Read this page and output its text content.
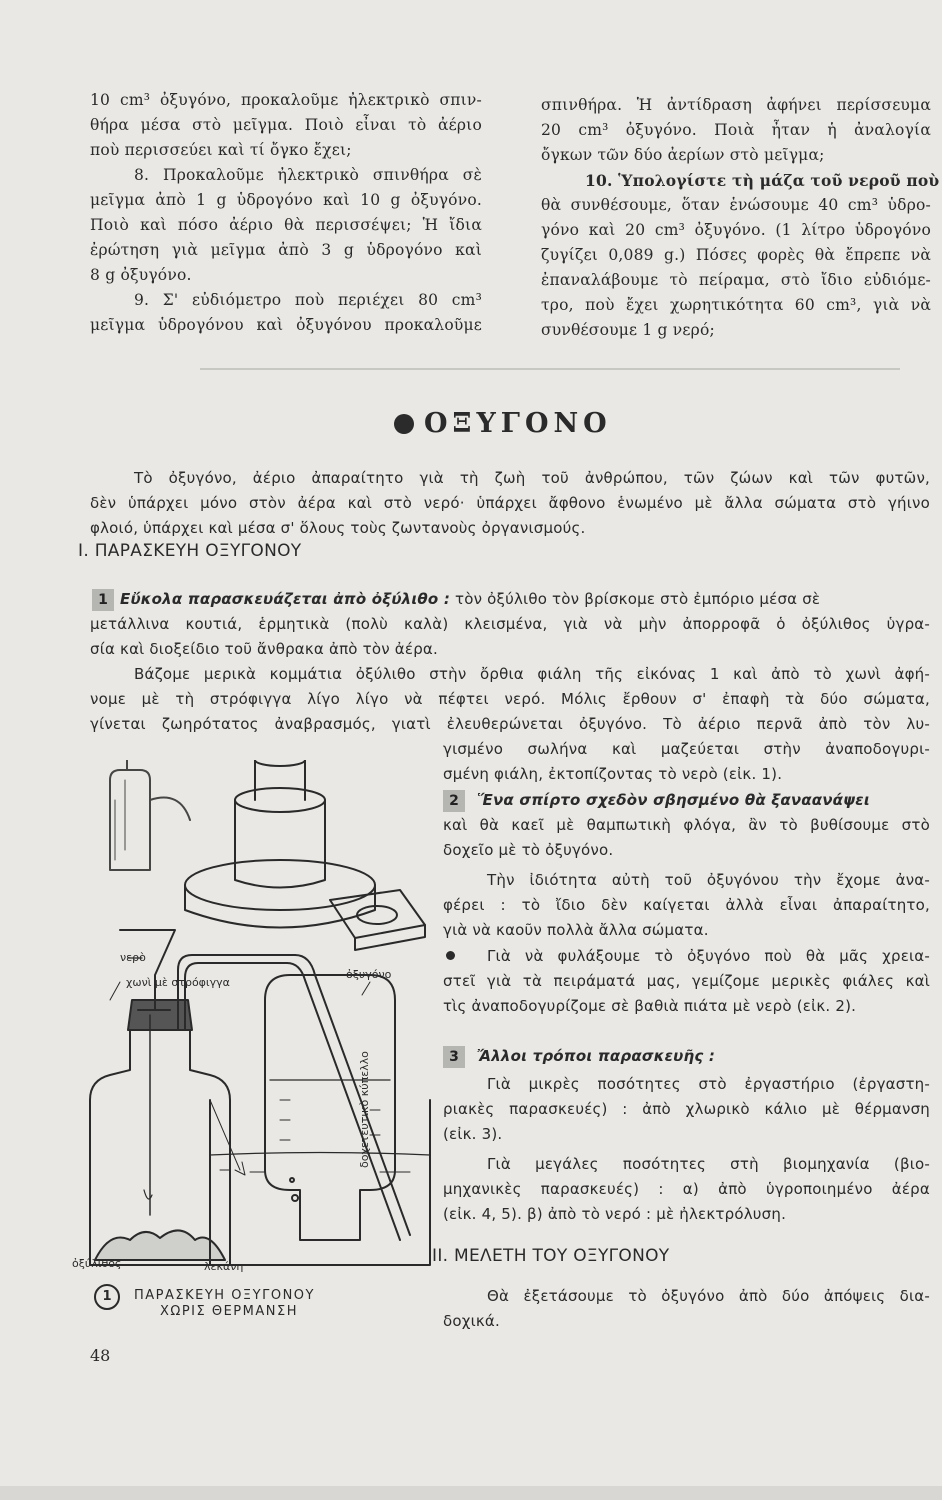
10 cm³ ὀξυγόνο, προκαλοῦμε ἠλεκτρικὸ σπιν-
θήρα μέσα στὸ μεῖγμα. Ποιὸ εἶναι τὸ ἀέριο
ποὺ περισσεύει καὶ τί ὄγκο ἔχει;
8. Προκαλοῦμε ἠλεκτρικὸ σπινθήρα σὲ
μεῖγμα ἀπὸ 1 g ὑδρογόνο καὶ 10 g ὀξυγόνο.
Ποιὸ καὶ πόσο ἀέριο θὰ περισσέψει; Ἡ ἴδια
ἐρώτηση γιὰ μεῖγμα ἀπὸ 3 g ὑδρογόνο καὶ
8 g ὀξυγόνο.
9. Σ' εὐδιόμετρο ποὺ περιέχει 80 cm³
μεῖγμα ὑδρογόνου καὶ ὀξυγόνου προκαλοῦμε
σπινθήρα. Ἡ ἀντίδραση ἀφήνει περίσσευμα
20 cm³ ὀξυγόνο. Ποιὰ ἦταν ἡ ἀναλογία
ὄγκων τῶν δύο ἀερίων στὸ μεῖγμα;
10. Ὑπολογίστε τὴ μάζα τοῦ νεροῦ ποὺ
θὰ συνθέσουμε, ὅταν ἑνώσουμε 40 cm³ ὑδρο-
γόνο καὶ 20 cm³ ὀξυγόνο. (1 λίτρο ὑδρογόνο
ζυγίζει 0,089 g.) Πόσες φορὲς θὰ ἔπρεπε νὰ
ἐπαναλάβουμε τὸ πείραμα, στὸ ἴδιο εὐδιόμε-
τρο, ποὺ ἔχει χωρητικότητα 60 cm³, γιὰ νὰ
συνθέσουμε 1 g νερό;
ΟΞΥΓΟΝΟ
Τὸ ὀξυγόνο, ἀέριο ἀπαραίτητο γιὰ τὴ ζωὴ τοῦ ἀνθρώπου, τῶν ζώων καὶ τῶν φυτῶν,
δὲν ὑπάρχει μόνο στὸν ἀέρα καὶ στὸ νερό· ὑπάρχει ἄφθονο ἑνωμένο μὲ ἄλλα σώματα στὸ γήινο
φλοιό, ὑπάρχει καὶ μέσα σ' ὅλους τοὺς ζωντανοὺς ὀργανισμούς.
I. ΠΑΡΑΣΚΕΥΗ ΟΞΥΓΟΝΟΥ
1 Εὔκολα παρασκευάζεται ἀπὸ ὀξύλιθο : τὸν ὀξύλιθο τὸν βρίσκομε στὸ ἐμπόριο μέσα σὲ
μετάλλινα κουτιά, ἑρμητικὰ (πολὺ καλὰ) κλεισμένα, γιὰ νὰ μὴν ἀπορροφᾶ ὁ ὀξύλιθος ὑγρα-
σία καὶ διοξείδιο τοῦ ἄνθρακα ἀπὸ τὸν ἀέρα.
Βάζομε μερικὰ κομμάτια ὀξύλιθο στὴν ὄρθια φιάλη τῆς εἰκόνας 1 καὶ ἀπὸ τὸ χωνὶ ἀφή-
νομε μὲ τὴ στρόφιγγα λίγο λίγο νὰ πέφτει νερό. Μόλις ἔρθουν σ' ἐπαφὴ τὰ δύο σώματα,
γίνεται ζωηρότατος ἀναβρασμός, γιατὶ ἐλευθερώνεται ὀξυγόνο. Τὸ ἀέριο περνᾶ ἀπὸ τὸν λυ-
γισμένο σωλήνα καὶ μαζεύεται στὴν ἀναποδογυρι-
σμένη φιάλη, ἐκτοπίζοντας τὸ νερὸ (εἰκ. 1).
2	Ἕνα σπίρτο σχεδὸν σβησμένο θὰ ξαναανάψει
καὶ θὰ καεῖ μὲ θαμπωτικὴ φλόγα, ἂν τὸ βυθίσουμε στὸ
δοχεῖο μὲ τὸ ὀξυγόνο.
Τὴν ἰδιότητα αὐτὴ τοῦ ὀξυγόνου τὴν ἔχομε ἀνα-
φέρει : τὸ ἴδιο δὲν καίγεται ἀλλὰ εἶναι ἀπαραίτητο,
γιὰ νὰ καοῦν πολλὰ ἄλλα σώματα.
Γιὰ νὰ φυλάξουμε τὸ ὀξυγόνο ποὺ θὰ μᾶς χρεια-
στεῖ γιὰ τὰ πειράματά μας, γεμίζομε μερικὲς φιάλες καὶ
τὶς ἀναποδογυρίζομε σὲ βαθιὰ πιάτα μὲ νερὸ (εἰκ. 2).
3	Ἄλλοι τρόποι παρασκευῆς :
Γιὰ μικρὲς ποσότητες στὸ ἐργαστήριο (ἐργαστη-
ριακὲς παρασκευές) : ἀπὸ χλωρικὸ κάλιο μὲ θέρμανση
(εἰκ. 3).
Γιὰ μεγάλες ποσότητες στὴ βιομηχανία (βιο-
μηχανικὲς παρασκευές) : α) ἀπὸ ὑγροποιημένο ἀέρα
(εἰκ. 4, 5). β) ἀπὸ τὸ νερό : μὲ ἠλεκτρόλυση.
II. ΜΕΛΕΤΗ ΤΟΥ ΟΞΥΓΟΝΟΥ
Θὰ ἐξετάσουμε τὸ ὀξυγόνο ἀπὸ δύο ἀπόψεις δια-
δοχικά.
νερὸ
χωνὶ μὲ στρόφιγγα
ὀξυγόνο
δοχετευτικὸ κύπελλο
ὀξύλιθος	λεκάνη
1	ΠΑΡΑΣΚΕΥΗ ΟΞΥΓΟΝΟΥ
ΧΩΡΙΣ ΘΕΡΜΑΝΣΗ
48
